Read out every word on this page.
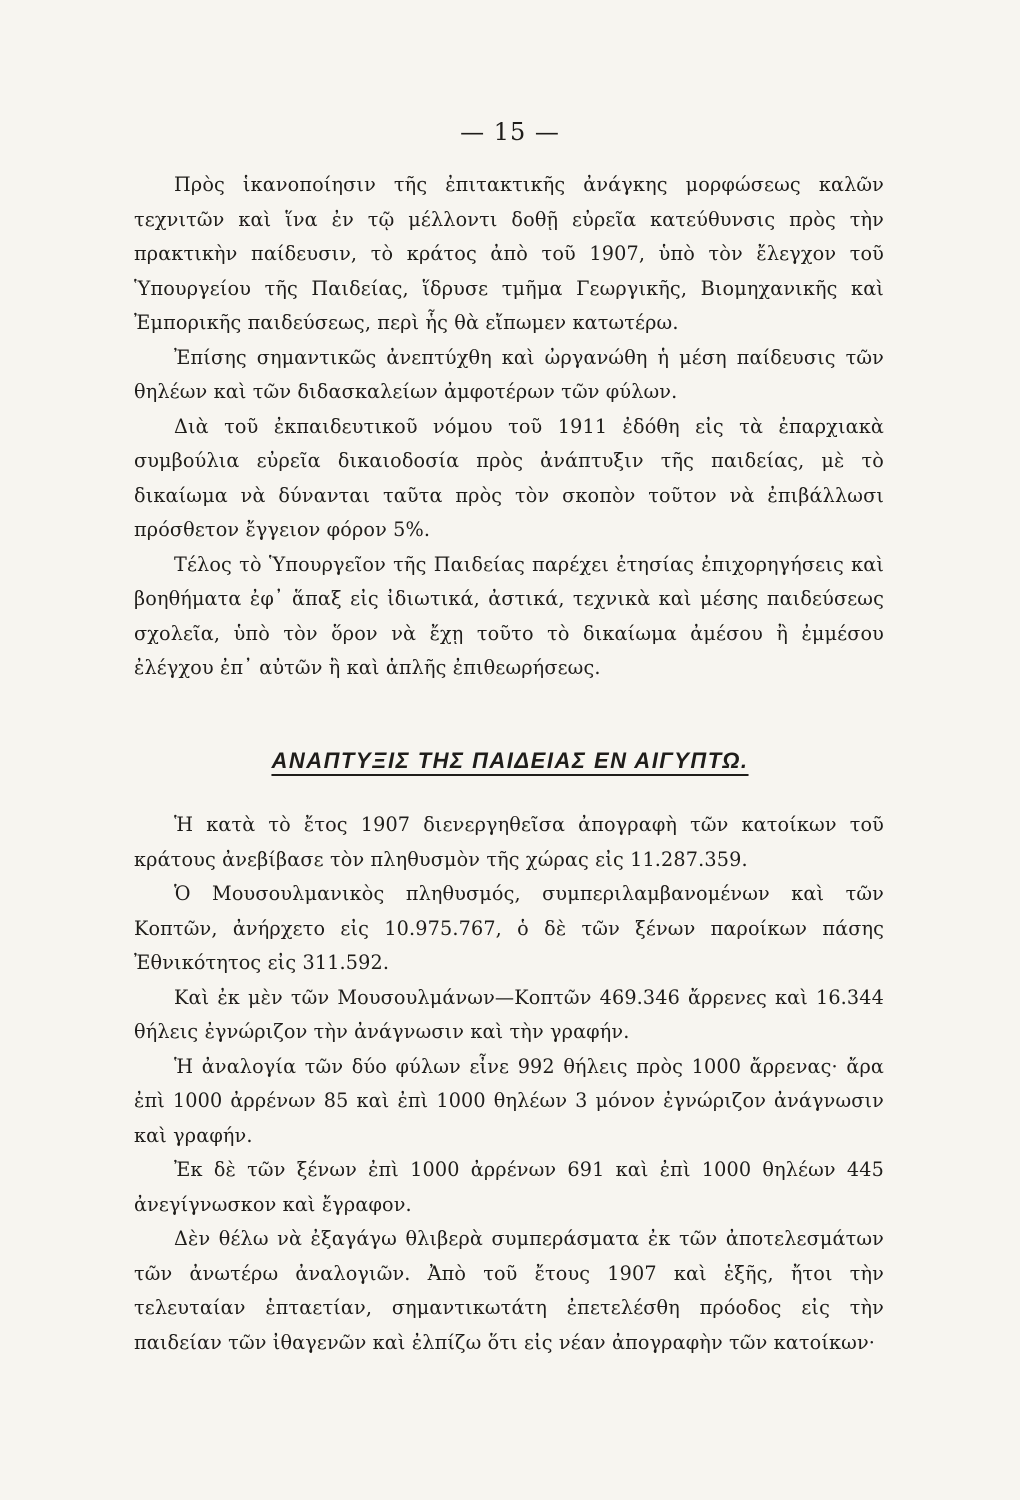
— 15 —

Πρὸς ἱκανοποίησιν τῆς ἐπιτακτικῆς ἀνάγκης μορφώσεως καλῶν τεχνιτῶν καὶ ἵνα ἐν τῷ μέλλοντι δοθῇ εὐρεῖα κατεύθυνσις πρὸς τὴν πρακτικὴν παίδευσιν, τὸ κράτος ἀπὸ τοῦ 1907, ὑπὸ τὸν ἔλεγχον τοῦ Ὑπουργείου τῆς Παιδείας, ἵδρυσε τμῆμα Γεωργικῆς, Βιομηχανικῆς καὶ Ἐμπορικῆς παιδεύσεως, περὶ ἧς θὰ εἴπωμεν κατωτέρω.

Ἐπίσης σημαντικῶς ἀνεπτύχθη καὶ ὠργανώθη ἡ μέση παίδευσις τῶν θηλέων καὶ τῶν διδασκαλείων ἀμφοτέρων τῶν φύλων.

Διὰ τοῦ ἐκπαιδευτικοῦ νόμου τοῦ 1911 ἐδόθη εἰς τὰ ἐπαρχιακὰ συμβούλια εὐρεῖα δικαιοδοσία πρὸς ἀνάπτυξιν τῆς παιδείας, μὲ τὸ δικαίωμα νὰ δύνανται ταῦτα πρὸς τὸν σκοπὸν τοῦτον νὰ ἐπιβάλλωσι πρόσθετον ἔγγειον φόρον 5%.

Τέλος τὸ Ὑπουργεῖον τῆς Παιδείας παρέχει ἐτησίας ἐπιχορηγήσεις καὶ βοηθήματα ἐφ᾽ ἅπαξ εἰς ἰδιωτικά, ἀστικά, τεχνικὰ καὶ μέσης παιδεύσεως σχολεῖα, ὑπὸ τὸν ὅρον νὰ ἔχῃ τοῦτο τὸ δικαίωμα ἀμέσου ἢ ἐμμέσου ἐλέγχου ἐπ᾽ αὐτῶν ἢ καὶ ἁπλῆς ἐπιθεωρήσεως.

ΑΝΑΠΤΥΞΙΣ ΤΗΣ ΠΑΙΔΕΙΑΣ ΕΝ ΑΙΓΥΠΤΩ.

Ἡ κατὰ τὸ ἔτος 1907 διενεργηθεῖσα ἀπογραφὴ τῶν κατοίκων τοῦ κράτους ἀνεβίβασε τὸν πληθυσμὸν τῆς χώρας εἰς 11.287.359.

Ὁ Μουσουλμανικὸς πληθυσμός, συμπεριλαμβανομένων καὶ τῶν Κοπτῶν, ἀνήρχετο εἰς 10.975.767, ὁ δὲ τῶν ξένων παροίκων πάσης Ἐθνικότητος εἰς 311.592.

Καὶ ἐκ μὲν τῶν Μουσουλμάνων—Κοπτῶν 469.346 ἄρρενες καὶ 16.344 θήλεις ἐγνώριζον τὴν ἀνάγνωσιν καὶ τὴν γραφήν.

Ἡ ἀναλογία τῶν δύο φύλων εἶνε 992 θήλεις πρὸς 1000 ἄρρενας· ἄρα ἐπὶ 1000 ἀρρένων 85 καὶ ἐπὶ 1000 θηλέων 3 μόνον ἐγνώριζον ἀνάγνωσιν καὶ γραφήν.

Ἐκ δὲ τῶν ξένων ἐπὶ 1000 ἀρρένων 691 καὶ ἐπὶ 1000 θηλέων 445 ἀνεγίγνωσκον καὶ ἔγραφον.

Δὲν θέλω νὰ ἐξαγάγω θλιβερὰ συμπεράσματα ἐκ τῶν ἀποτελεσμάτων τῶν ἀνωτέρω ἀναλογιῶν. Ἀπὸ τοῦ ἔτους 1907 καὶ ἑξῆς, ἤτοι τὴν τελευταίαν ἑπταετίαν, σημαντικωτάτη ἐπετελέσθη πρόοδος εἰς τὴν παιδείαν τῶν ἰθαγενῶν καὶ ἐλπίζω ὅτι εἰς νέαν ἀπογραφὴν τῶν κατοίκων·
